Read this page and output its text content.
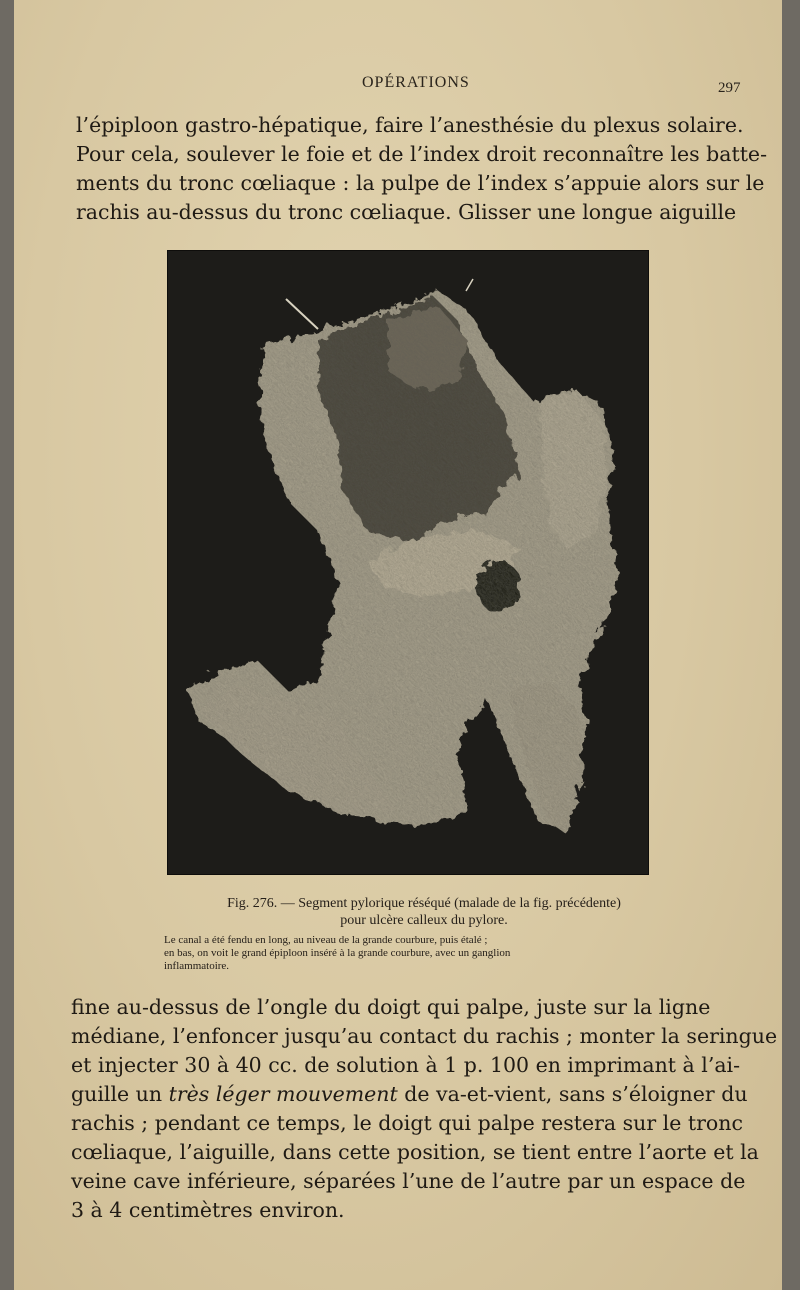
OPÉRATIONS	297
l’épiploon gastro-hépatique, faire l’anesthésie du plexus solaire.
Pour cela, soulever le foie et de l’index droit reconnaître les batte-
ments du tronc cœliaque : la pulpe de l’index s’appuie alors sur le
rachis au-dessus du tronc cœliaque. Glisser une longue aiguille
Fig. 276. — Segment pylorique réséqué (malade de la fig. précédente)
pour ulcère calleux du pylore.
Le canal a été fendu en long, au niveau de la grande courbure, puis étalé ;
en bas, on voit le grand épiploon inséré à la grande courbure, avec un ganglion
inflammatoire.
fine au-dessus de l’ongle du doigt qui palpe, juste sur la ligne
médiane, l’enfoncer jusqu’au contact du rachis ; monter la seringue
et injecter 30 à 40 cc. de solution à 1 p. 100 en imprimant à l’ai-
guille un très léger mouvement de va-et-vient, sans s’éloigner du
rachis ; pendant ce temps, le doigt qui palpe restera sur le tronc
cœliaque, l’aiguille, dans cette position, se tient entre l’aorte et la
veine cave inférieure, séparées l’une de l’autre par un espace de
3 à 4 centimètres environ.
